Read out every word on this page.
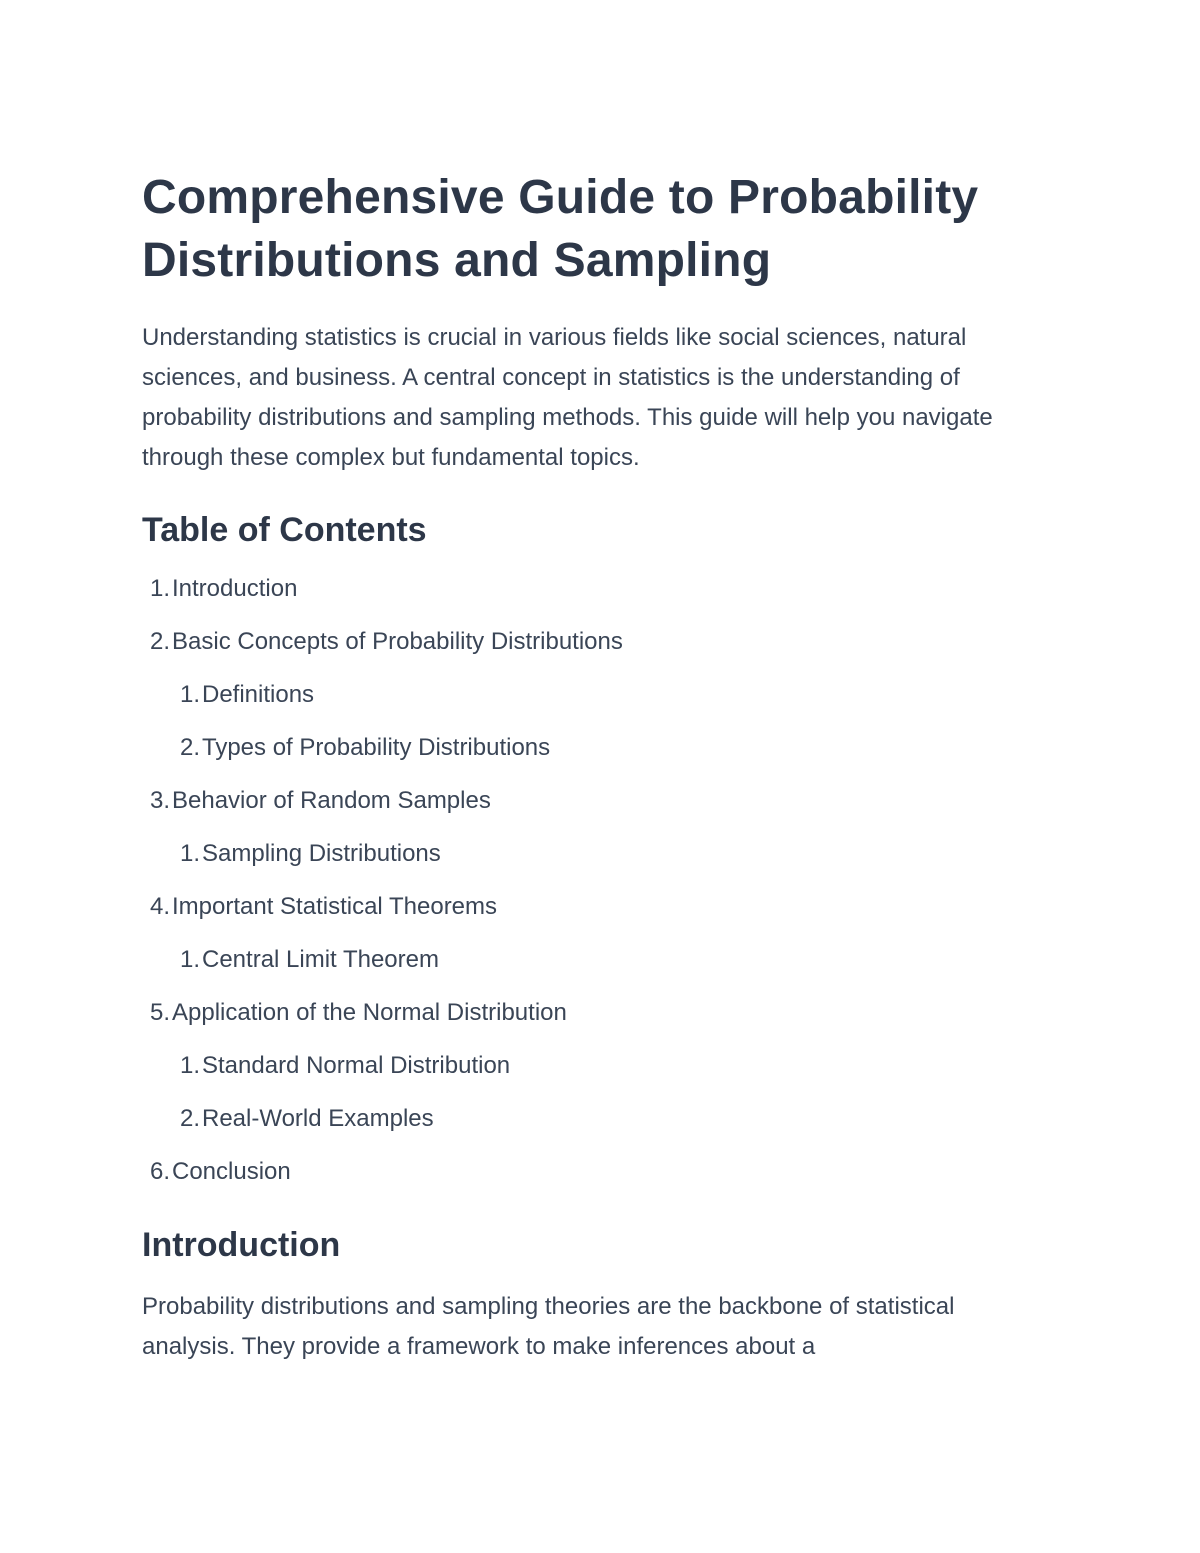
Comprehensive Guide to Probability Distributions and Sampling

Understanding statistics is crucial in various fields like social sciences, natural sciences, and business. A central concept in statistics is the understanding of probability distributions and sampling methods. This guide will help you navigate through these complex but fundamental topics.

Table of Contents
1. Introduction
2. Basic Concepts of Probability Distributions
1. Definitions
2. Types of Probability Distributions
3. Behavior of Random Samples
1. Sampling Distributions
4. Important Statistical Theorems
1. Central Limit Theorem
5. Application of the Normal Distribution
1. Standard Normal Distribution
2. Real-World Examples
6. Conclusion
Introduction

Probability distributions and sampling theories are the backbone of statistical analysis. They provide a framework to make inferences about a
